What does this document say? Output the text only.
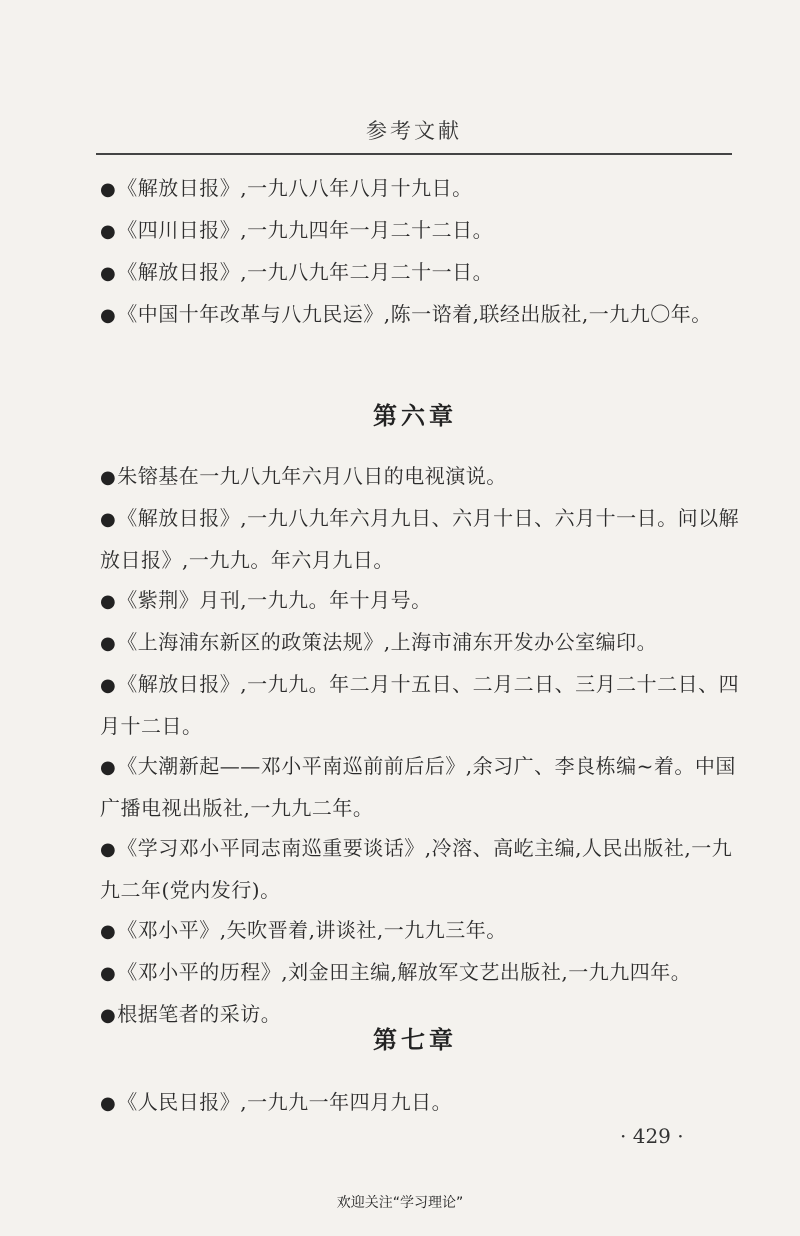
参考文献

●《解放日报》,一九八八年八月十九日。

●《四川日报》,一九九四年一月二十二日。

●《解放日报》,一九八九年二月二十一日。

●《中国十年改革与八九民运》,陈一谘着,联经出版社,一九九〇年。

第六章

●朱镕基在一九八九年六月八日的电视演说。

●《解放日报》,一九八九年六月九日、六月十日、六月十一日。问以解放日报》,一九九。年六月九日。

●《紫荆》月刊,一九九。年十月号。

●《上海浦东新区的政策法规》,上海市浦东开发办公室编印。

●《解放日报》,一九九。年二月十五日、二月二日、三月二十二日、四月十二日。

●《大潮新起——邓小平南巡前前后后》,余习广、李良栋编~着。中国广播电视出版社,一九九二年。

●《学习邓小平同志南巡重要谈话》,冷溶、高屹主编,人民出版社,一九九二年(党内发行)。

●《邓小平》,矢吹晋着,讲谈社,一九九三年。

●《邓小平的历程》,刘金田主编,解放军文艺出版社,一九九四年。

●根据笔者的采访。

第七章

●《人民日报》,一九九一年四月九日。

· 429 ·
欢迎关注“学习理论”
